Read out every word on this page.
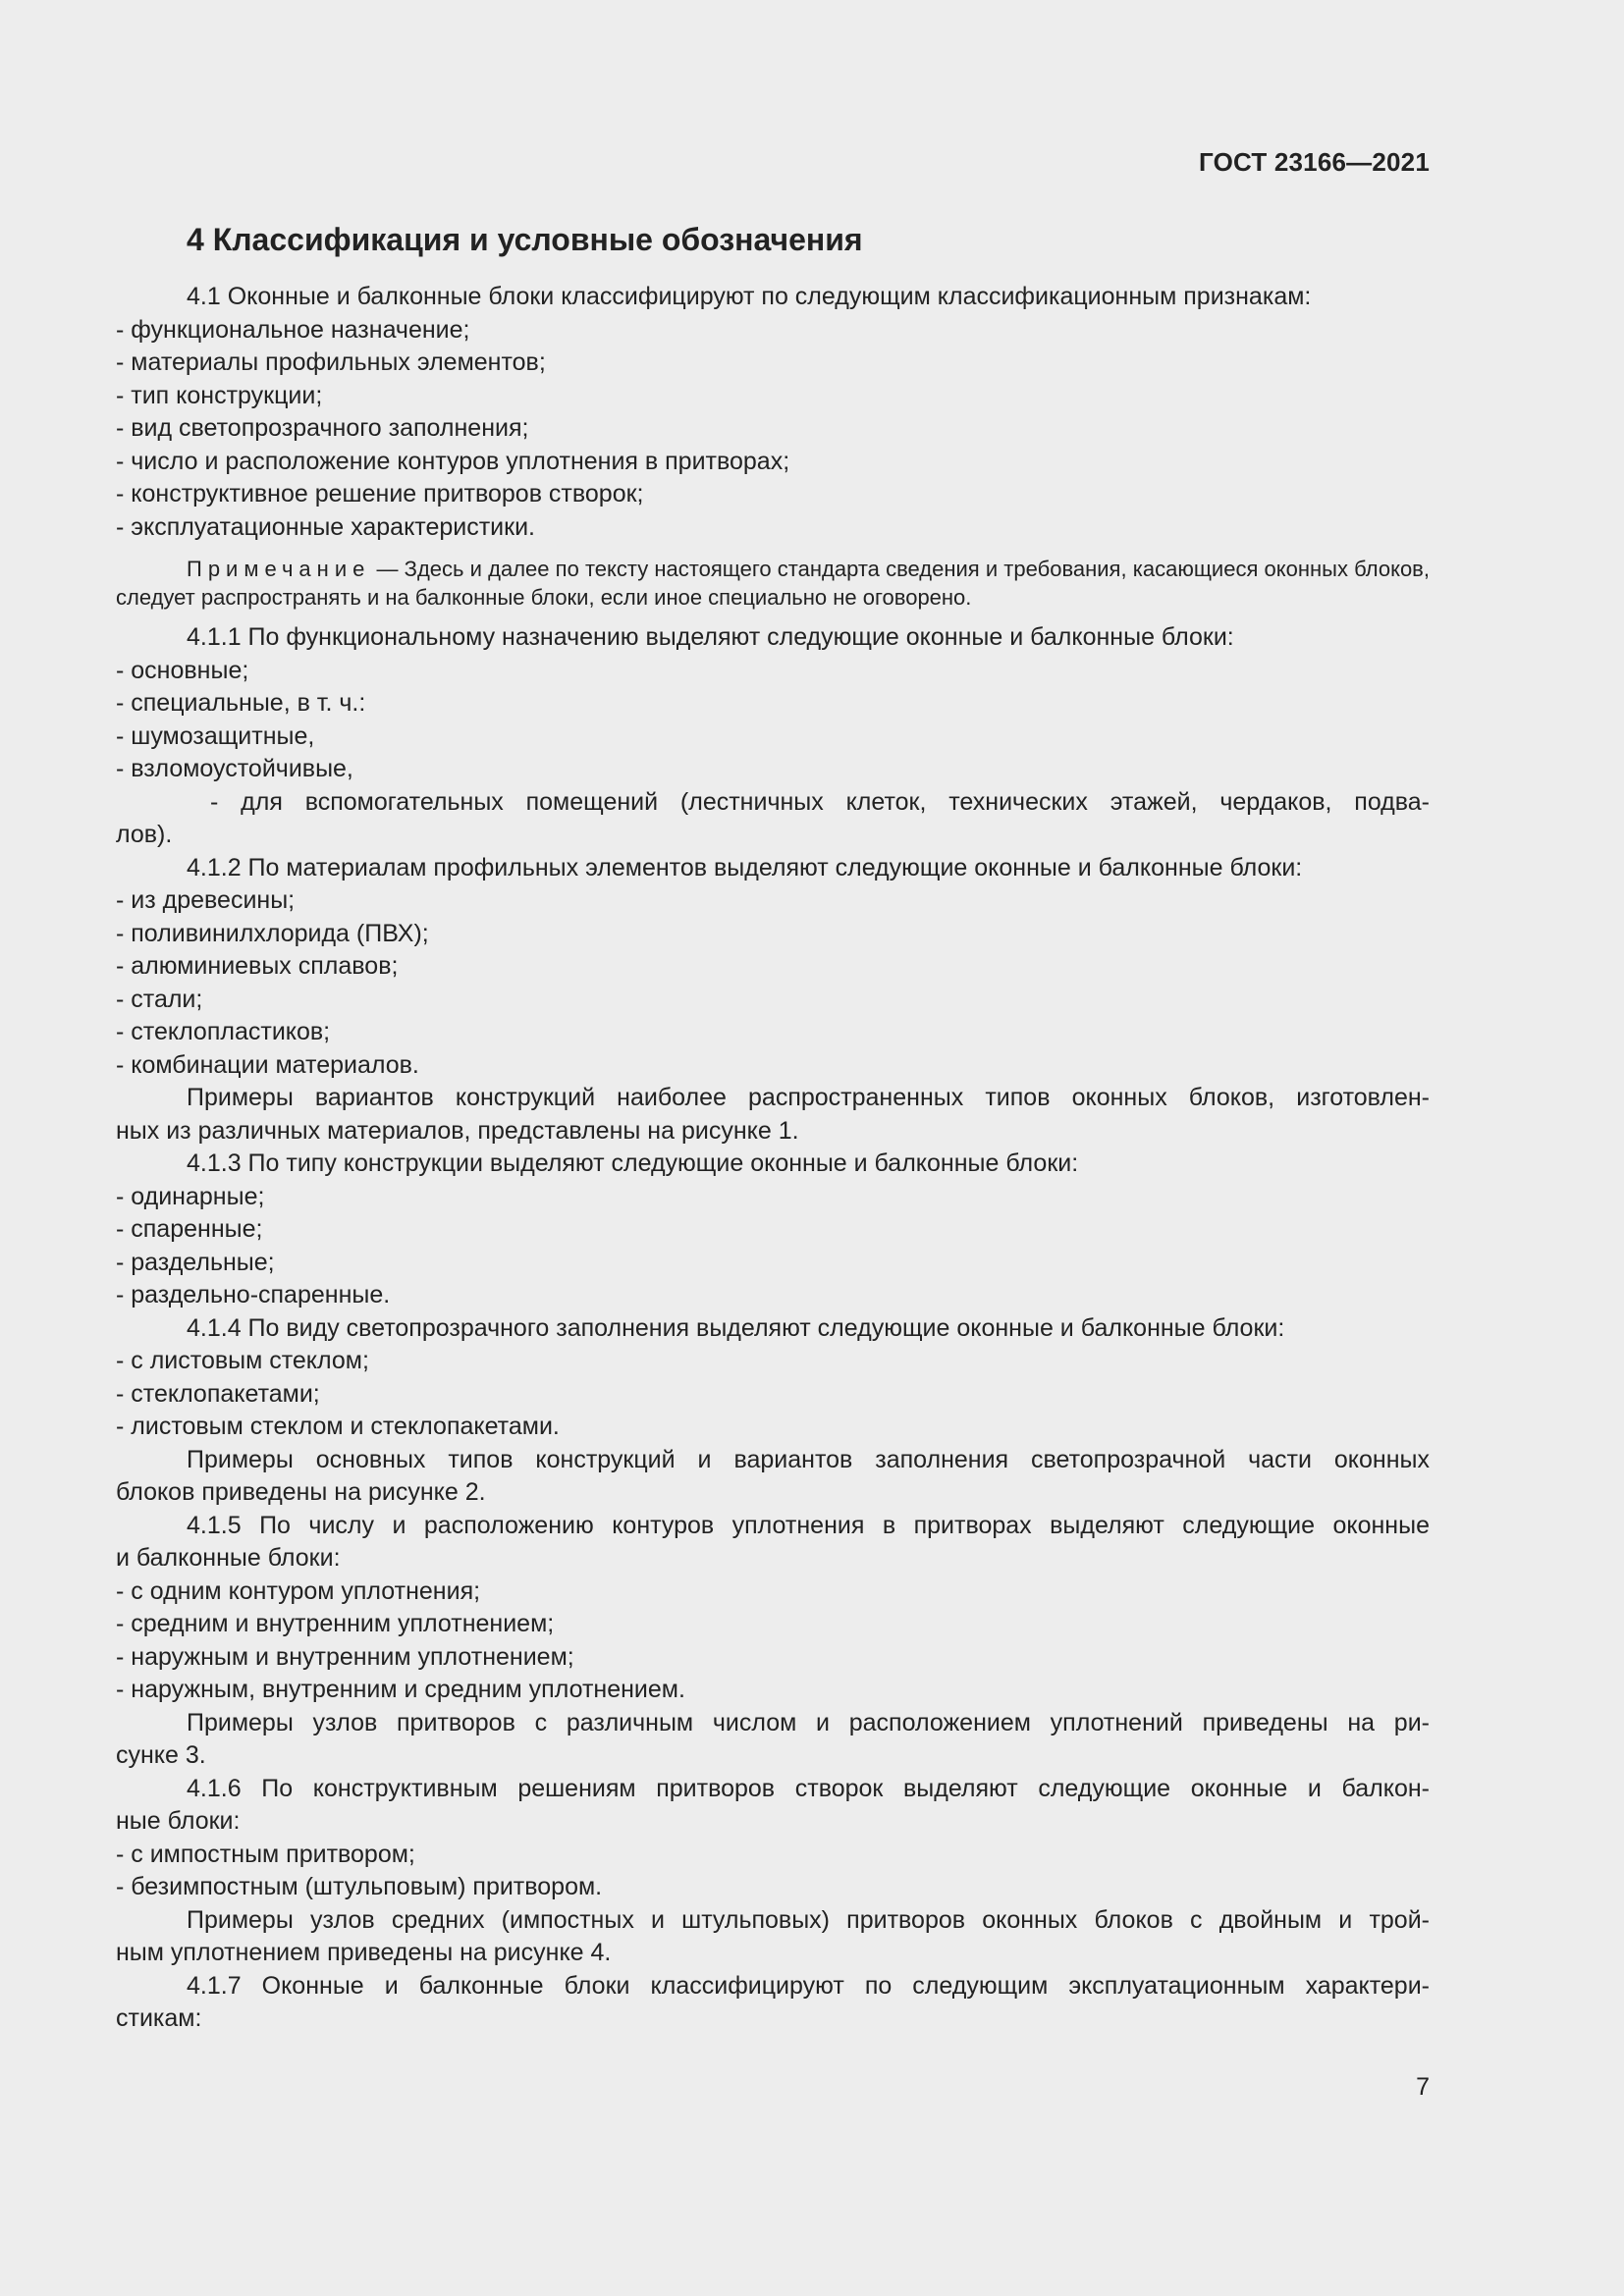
ГОСТ 23166—2021
4 Классификация и условные обозначения

4.1 Оконные и балконные блоки классифицируют по следующим классификационным признакам:

- функциональное назначение;
- материалы профильных элементов;
- тип конструкции;
- вид светопрозрачного заполнения;
- число и расположение контуров уплотнения в притворах;
- конструктивное решение притворов створок;
- эксплуатационные характеристики.

Примечание — Здесь и далее по тексту настоящего стандарта сведения и требования, касающиеся оконных блоков, следует распространять и на балконные блоки, если иное специально не оговорено.

4.1.1 По функциональному назначению выделяют следующие оконные и балконные блоки:

- основные;
- специальные, в т. ч.:
- шумозащитные,
- взломоустойчивые,

- для вспомогательных помещений (лестничных клеток, технических этажей, чердаков, подва-

лов).

4.1.2 По материалам профильных элементов выделяют следующие оконные и балконные блоки:

- из древесины;
- поливинилхлорида (ПВХ);
- алюминиевых сплавов;
- стали;
- стеклопластиков;
- комбинации материалов.

Примеры вариантов конструкций наиболее распространенных типов оконных блоков, изготовлен-

ных из различных материалов, представлены на рисунке 1.

4.1.3 По типу конструкции выделяют следующие оконные и балконные блоки:

- одинарные;
- спаренные;
- раздельные;
- раздельно-спаренные.

4.1.4 По виду светопрозрачного заполнения выделяют следующие оконные и балконные блоки:

- с листовым стеклом;
- стеклопакетами;
- листовым стеклом и стеклопакетами.

Примеры основных типов конструкций и вариантов заполнения светопрозрачной части оконных

блоков приведены на рисунке 2.

4.1.5 По числу и расположению контуров уплотнения в притворах выделяют следующие оконные

и балконные блоки:

- с одним контуром уплотнения;
- средним и внутренним уплотнением;
- наружным и внутренним уплотнением;
- наружным, внутренним и средним уплотнением.

Примеры узлов притворов с различным числом и расположением уплотнений приведены на ри-

сунке 3.

4.1.6 По конструктивным решениям притворов створок выделяют следующие оконные и балкон-

ные блоки:

- с импостным притвором;
- безимпостным (штульповым) притвором.

Примеры узлов средних (импостных и штульповых) притворов оконных блоков с двойным и трой-

ным уплотнением приведены на рисунке 4.

4.1.7 Оконные и балконные блоки классифицируют по следующим эксплуатационным характери-

стикам:

7
